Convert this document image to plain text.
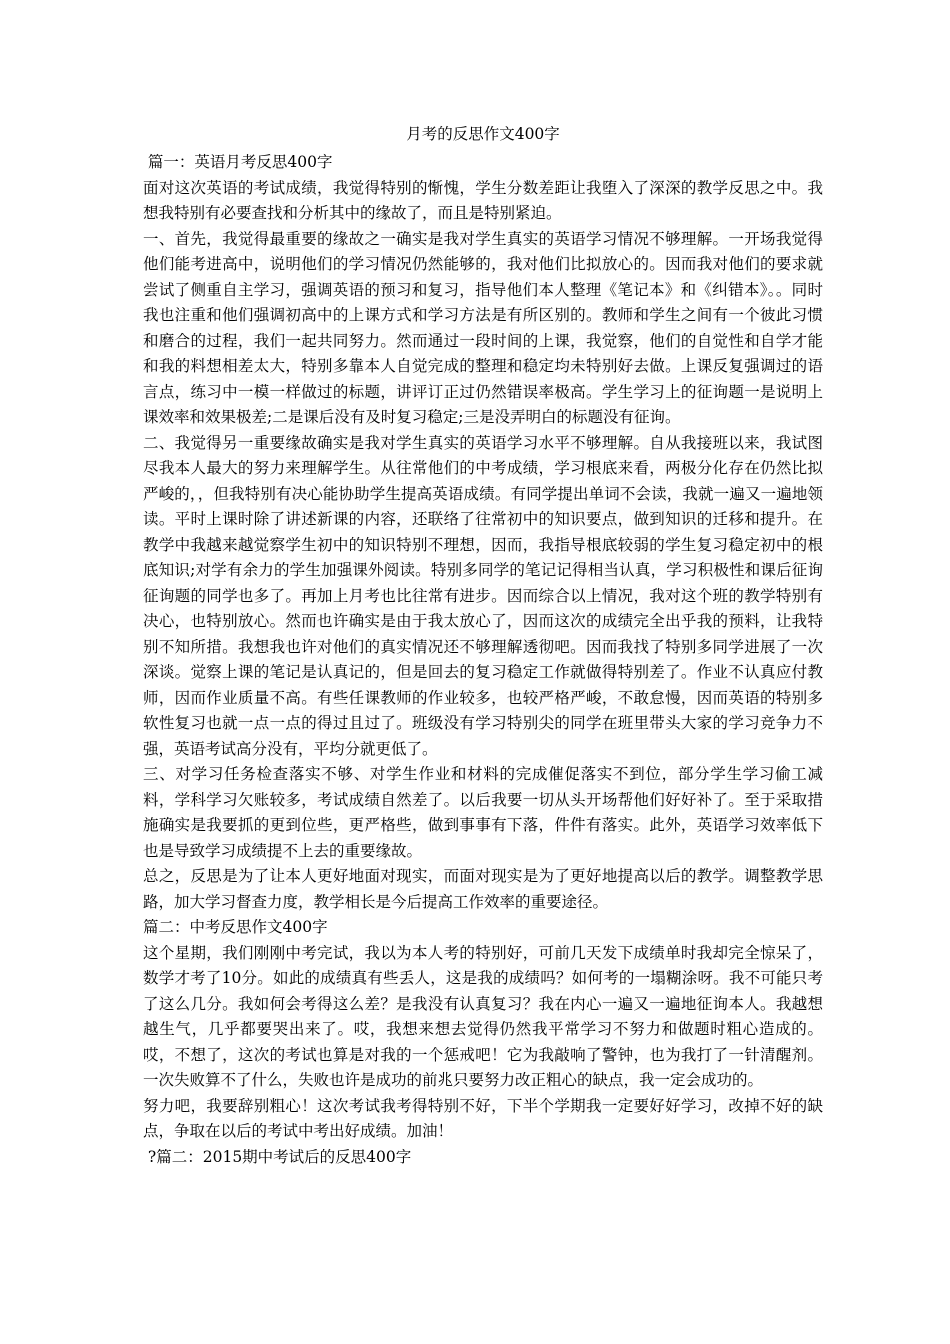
月考的反思作文400字
篇一：英语月考反思400字
面对这次英语的考试成绩，我觉得特别的惭愧，学生分数差距让我堕入了深深的教学反思之中。我想我特别有必要查找和分析其中的缘故了，而且是特别紧迫。
一、首先，我觉得最重要的缘故之一确实是我对学生真实的英语学习情况不够理解。一开场我觉得他们能考进高中，说明他们的学习情况仍然能够的，我对他们比拟放心的。因而我对他们的要求就尝试了侧重自主学习，强调英语的预习和复习，指导他们本人整理《笔记本》和《纠错本》。。同时我也注重和他们强调初高中的上课方式和学习方法是有所区别的。教师和学生之间有一个彼此习惯和磨合的过程，我们一起共同努力。然而通过一段时间的上课，我觉察，他们的自觉性和自学才能和我的料想相差太大，特别多靠本人自觉完成的整理和稳定均未特别好去做。上课反复强调过的语言点，练习中一模一样做过的标题，讲评订正过仍然错误率极高。学生学习上的征询题一是说明上课效率和效果极差;二是课后没有及时复习稳定;三是没弄明白的标题没有征询。
二、我觉得另一重要缘故确实是我对学生真实的英语学习水平不够理解。自从我接班以来，我试图尽我本人最大的努力来理解学生。从往常他们的中考成绩，学习根底来看，两极分化存在仍然比拟严峻的，，但我特别有决心能协助学生提高英语成绩。有同学提出单词不会读，我就一遍又一遍地领读。平时上课时除了讲述新课的内容，还联络了往常初中的知识要点，做到知识的迁移和提升。在教学中我越来越觉察学生初中的知识特别不理想，因而，我指导根底较弱的学生复习稳定初中的根底知识;对学有余力的学生加强课外阅读。特别多同学的笔记记得相当认真，学习积极性和课后征询征询题的同学也多了。再加上月考也比往常有进步。因而综合以上情况，我对这个班的教学特别有决心，也特别放心。然而也许确实是由于我太放心了，因而这次的成绩完全出乎我的预料，让我特别不知所措。我想我也许对他们的真实情况还不够理解透彻吧。因而我找了特别多同学进展了一次深谈。觉察上课的笔记是认真记的，但是回去的复习稳定工作就做得特别差了。作业不认真应付教师，因而作业质量不高。有些任课教师的作业较多，也较严格严峻，不敢怠慢，因而英语的特别多软性复习也就一点一点的得过且过了。班级没有学习特别尖的同学在班里带头大家的学习竞争力不强，英语考试高分没有，平均分就更低了。
三、对学习任务检查落实不够、对学生作业和材料的完成催促落实不到位，部分学生学习偷工减料，学科学习欠账较多，考试成绩自然差了。以后我要一切从头开场帮他们好好补了。至于采取措施确实是我要抓的更到位些，更严格些，做到事事有下落，件件有落实。此外，英语学习效率低下也是导致学习成绩提不上去的重要缘故。
总之，反思是为了让本人更好地面对现实，而面对现实是为了更好地提高以后的教学。调整教学思路，加大学习督查力度，教学相长是今后提高工作效率的重要途径。
篇二：中考反思作文400字
这个星期，我们刚刚中考完试，我以为本人考的特别好，可前几天发下成绩单时我却完全惊呆了，数学才考了10分。如此的成绩真有些丢人，这是我的成绩吗？如何考的一塌糊涂呀。我不可能只考了这么几分。我如何会考得这么差？是我没有认真复习？我在内心一遍又一遍地征询本人。我越想越生气，几乎都要哭出来了。哎，我想来想去觉得仍然我平常学习不努力和做题时粗心造成的。哎，不想了，这次的考试也算是对我的一个惩戒吧！它为我敲响了警钟，也为我打了一针清醒剂。一次失败算不了什么，失败也许是成功的前兆只要努力改正粗心的缺点，我一定会成功的。
努力吧，我要辞别粗心！这次考试我考得特别不好，下半个学期我一定要好好学习，改掉不好的缺点，争取在以后的考试中考出好成绩。加油！
?篇二：2015期中考试后的反思400字
